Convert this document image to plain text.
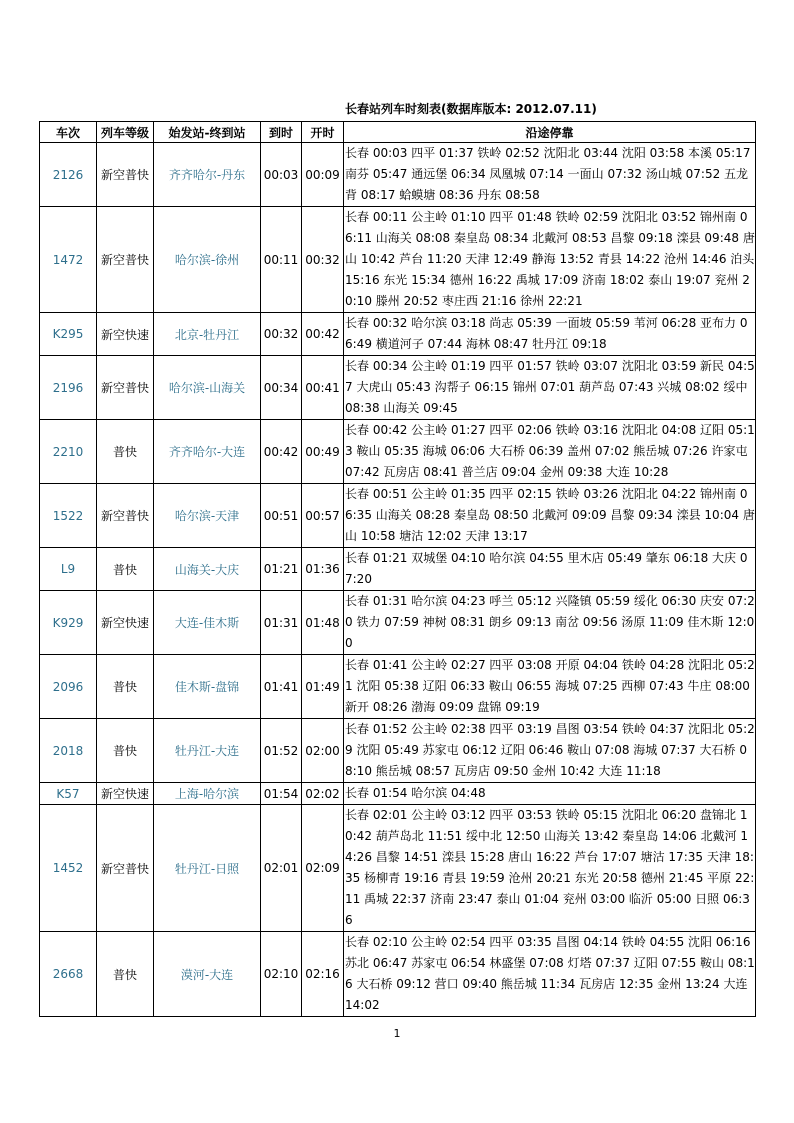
长春站列车时刻表(数据库版本: 2012.07.11)
车次	列车等级	始发站-终到站	到时	开时	沿途停靠
2126	新空普快	齐齐哈尔-丹东	00:03	00:09	长春 00:03 四平 01:37 铁岭 02:52 沈阳北 03:44 沈阳 03:58 本溪 05:17 南芬 05:47 通远堡 06:34 凤凰城 07:14 一面山 07:32 汤山城 07:52 五龙背 08:17 蛤蟆塘 08:36 丹东 08:58
1472	新空普快	哈尔滨-徐州	00:11	00:32	长春 00:11 公主岭 01:10 四平 01:48 铁岭 02:59 沈阳北 03:52 锦州南 06:11 山海关 08:08 秦皇岛 08:34 北戴河 08:53 昌黎 09:18 滦县 09:48 唐山 10:42 芦台 11:20 天津 12:49 静海 13:52 青县 14:22 沧州 14:46 泊头 15:16 东光 15:34 德州 16:22 禹城 17:09 济南 18:02 泰山 19:07 兖州 20:10 滕州 20:52 枣庄西 21:16 徐州 22:21
K295	新空快速	北京-牡丹江	00:32	00:42	长春 00:32 哈尔滨 03:18 尚志 05:39 一面坡 05:59 苇河 06:28 亚布力 06:49 横道河子 07:44 海林 08:47 牡丹江 09:18
2196	新空普快	哈尔滨-山海关	00:34	00:41	长春 00:34 公主岭 01:19 四平 01:57 铁岭 03:07 沈阳北 03:59 新民 04:57 大虎山 05:43 沟帮子 06:15 锦州 07:01 葫芦岛 07:43 兴城 08:02 绥中 08:38 山海关 09:45
2210	普快	齐齐哈尔-大连	00:42	00:49	长春 00:42 公主岭 01:27 四平 02:06 铁岭 03:16 沈阳北 04:08 辽阳 05:13 鞍山 05:35 海城 06:06 大石桥 06:39 盖州 07:02 熊岳城 07:26 许家屯 07:42 瓦房店 08:41 普兰店 09:04 金州 09:38 大连 10:28
1522	新空普快	哈尔滨-天津	00:51	00:57	长春 00:51 公主岭 01:35 四平 02:15 铁岭 03:26 沈阳北 04:22 锦州南 06:35 山海关 08:28 秦皇岛 08:50 北戴河 09:09 昌黎 09:34 滦县 10:04 唐山 10:58 塘沽 12:02 天津 13:17
L9	普快	山海关-大庆	01:21	01:36	长春 01:21 双城堡 04:10 哈尔滨 04:55 里木店 05:49 肇东 06:18 大庆 07:20
K929	新空快速	大连-佳木斯	01:31	01:48	长春 01:31 哈尔滨 04:23 呼兰 05:12 兴隆镇 05:59 绥化 06:30 庆安 07:20 铁力 07:59 神树 08:31 朗乡 09:13 南岔 09:56 汤原 11:09 佳木斯 12:00
2096	普快	佳木斯-盘锦	01:41	01:49	长春 01:41 公主岭 02:27 四平 03:08 开原 04:04 铁岭 04:28 沈阳北 05:21 沈阳 05:38 辽阳 06:33 鞍山 06:55 海城 07:25 西柳 07:43 牛庄 08:00 新开 08:26 渤海 09:09 盘锦 09:19
2018	普快	牡丹江-大连	01:52	02:00	长春 01:52 公主岭 02:38 四平 03:19 昌图 03:54 铁岭 04:37 沈阳北 05:29 沈阳 05:49 苏家屯 06:12 辽阳 06:46 鞍山 07:08 海城 07:37 大石桥 08:10 熊岳城 08:57 瓦房店 09:50 金州 10:42 大连 11:18
K57	新空快速	上海-哈尔滨	01:54	02:02	长春 01:54 哈尔滨 04:48
1452	新空普快	牡丹江-日照	02:01	02:09	长春 02:01 公主岭 03:12 四平 03:53 铁岭 05:15 沈阳北 06:20 盘锦北 10:42 葫芦岛北 11:51 绥中北 12:50 山海关 13:42 秦皇岛 14:06 北戴河 14:26 昌黎 14:51 滦县 15:28 唐山 16:22 芦台 17:07 塘沽 17:35 天津 18:35 杨柳青 19:16 青县 19:59 沧州 20:21 东光 20:58 德州 21:45 平原 22:11 禹城 22:37 济南 23:47 泰山 01:04 兖州 03:00 临沂 05:00 日照 06:36
2668	普快	漠河-大连	02:10	02:16	长春 02:10 公主岭 02:54 四平 03:35 昌图 04:14 铁岭 04:55 沈阳 06:16 苏北 06:47 苏家屯 06:54 林盛堡 07:08 灯塔 07:37 辽阳 07:55 鞍山 08:16 大石桥 09:12 营口 09:40 熊岳城 11:34 瓦房店 12:35 金州 13:24 大连 14:02
1
